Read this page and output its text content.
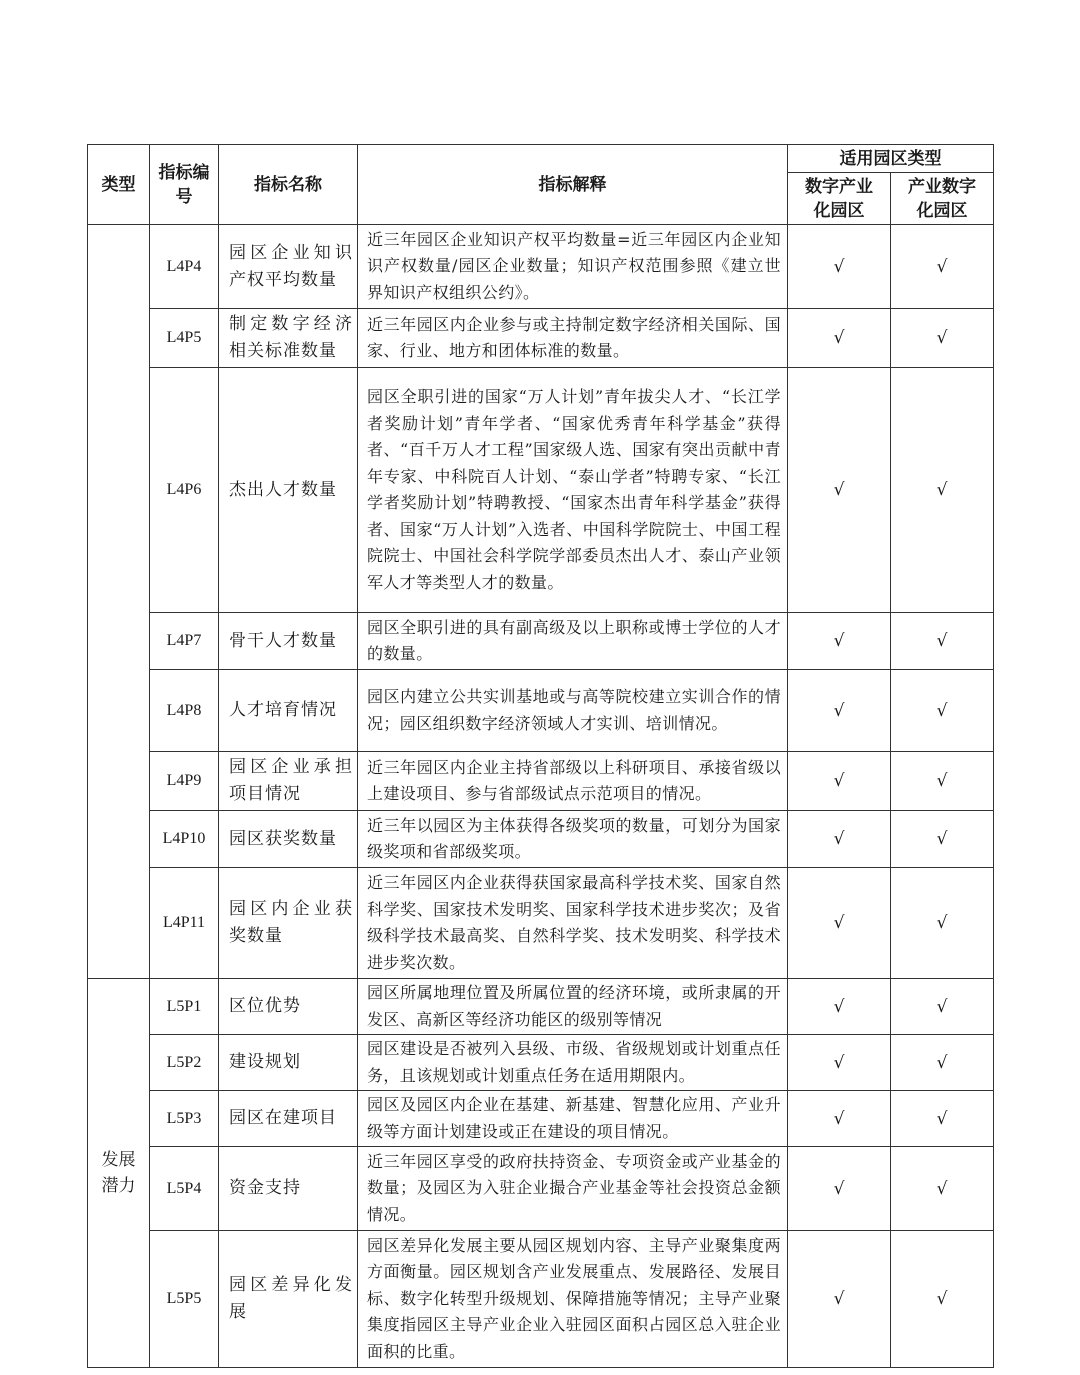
类型	指标编号	指标名称	指标解释	适用园区类型	

				数字产业化园区	产业数字化园区

	L4P4	园区企业知识产权平均数量	近三年园区企业知识产权平均数量=近三年园区内企业知识产权数量/园区企业数量；知识产权范围参照《建立世界知识产权组织公约》。	√	√
	L4P5	制定数字经济相关标准数量	近三年园区内企业参与或主持制定数字经济相关国际、国家、行业、地方和团体标准的数量。	√	√
	L4P6	杰出人才数量	园区全职引进的国家“万人计划”青年拔尖人才、“长江学者奖励计划”青年学者、“国家优秀青年科学基金”获得者、“百千万人才工程”国家级人选、国家有突出贡献中青年专家、中科院百人计划、“泰山学者”特聘专家、“长江学者奖励计划”特聘教授、“国家杰出青年科学基金”获得者、国家“万人计划”入选者、中国科学院院士、中国工程院院士、中国社会科学院学部委员杰出人才、泰山产业领军人才等类型人才的数量。	√	√
	L4P7	骨干人才数量	园区全职引进的具有副高级及以上职称或博士学位的人才的数量。	√	√
	L4P8	人才培育情况	园区内建立公共实训基地或与高等院校建立实训合作的情况；园区组织数字经济领域人才实训、培训情况。	√	√
	L4P9	园区企业承担项目情况	近三年园区内企业主持省部级以上科研项目、承接省级以上建设项目、参与省部级试点示范项目的情况。	√	√
	L4P10	园区获奖数量	近三年以园区为主体获得各级奖项的数量，可划分为国家级奖项和省部级奖项。	√	√
	L4P11	园区内企业获奖数量	近三年园区内企业获得获国家最高科学技术奖、国家自然科学奖、国家技术发明奖、国家科学技术进步奖次；及省级科学技术最高奖、自然科学奖、技术发明奖、科学技术进步奖次数。	√	√

发展潜力	L5P1	区位优势	园区所属地理位置及所属位置的经济环境，或所隶属的开发区、高新区等经济功能区的级别等情况	√	√
	L5P2	建设规划	园区建设是否被列入县级、市级、省级规划或计划重点任务，且该规划或计划重点任务在适用期限内。	√	√
	L5P3	园区在建项目	园区及园区内企业在基建、新基建、智慧化应用、产业升级等方面计划建设或正在建设的项目情况。	√	√
	L5P4	资金支持	近三年园区享受的政府扶持资金、专项资金或产业基金的数量；及园区为入驻企业撮合产业基金等社会投资总金额情况。	√	√
	L5P5	园区差异化发展	园区差异化发展主要从园区规划内容、主导产业聚集度两方面衡量。园区规划含产业发展重点、发展路径、发展目标、数字化转型升级规划、保障措施等情况；主导产业聚集度指园区主导产业企业入驻园区面积占园区总入驻企业面积的比重。	√	√
